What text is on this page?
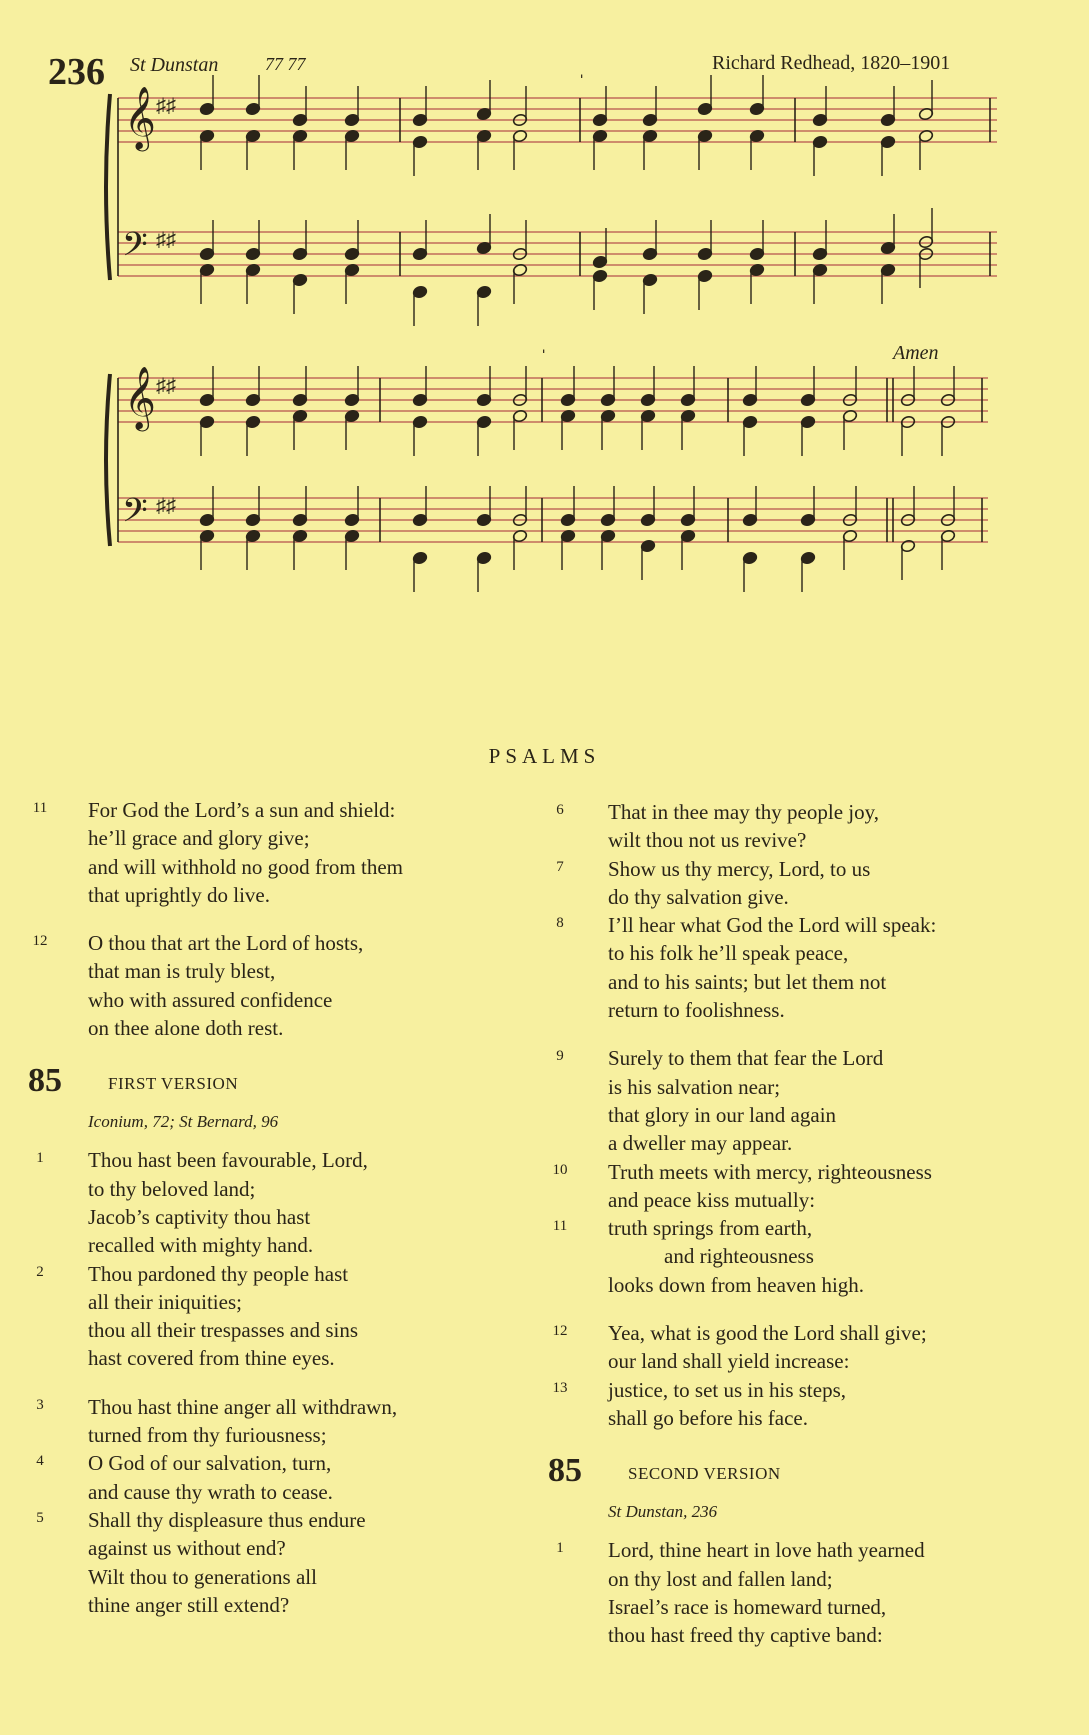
236 St Dunstan	77 77	Richard Redhead, 1820–1901
Amen
𝄞
𝄢
♯♯
♯♯
𝄞
𝄢
♯♯
♯♯
ˈ
ˈ
PSALMS
11 For God the Lord’s a sun and shield:
he’ll grace and glory give;
and will withhold no good from them
that uprightly do live.
12 O thou that art the Lord of hosts,
that man is truly blest,
who with assured confidence
on thee alone doth rest.
85	FIRST VERSION
Iconium, 72; St Bernard, 96
1	Thou hast been favourable, Lord,
to thy beloved land;
Jacob’s captivity thou hast
recalled with mighty hand.
2	Thou pardoned thy people hast
all their iniquities;
thou all their trespasses and sins
hast covered from thine eyes.
3	Thou hast thine anger all withdrawn,
turned from thy furiousness;
4	O God of our salvation, turn,
and cause thy wrath to cease.
5	Shall thy displeasure thus endure
against us without end?
Wilt thou to generations all
thine anger still extend?
6	That in thee may thy people joy,
wilt thou not us revive?
7	Show us thy mercy, Lord, to us
do thy salvation give.
8	I’ll hear what God the Lord will speak:
to his folk he’ll speak peace,
and to his saints; but let them not
return to foolishness.
9	Surely to them that fear the Lord
is his salvation near;
that glory in our land again
a dweller may appear.
10 Truth meets with mercy, righteousness
and peace kiss mutually:
11 truth springs from earth,
and righteousness
looks down from heaven high.
12 Yea, what is good the Lord shall give;
our land shall yield increase:
13 justice, to set us in his steps,
shall go before his face.
85	SECOND VERSION
St Dunstan, 236
1	Lord, thine heart in love hath yearned
on thy lost and fallen land;
Israel’s race is homeward turned,
thou hast freed thy captive band:
